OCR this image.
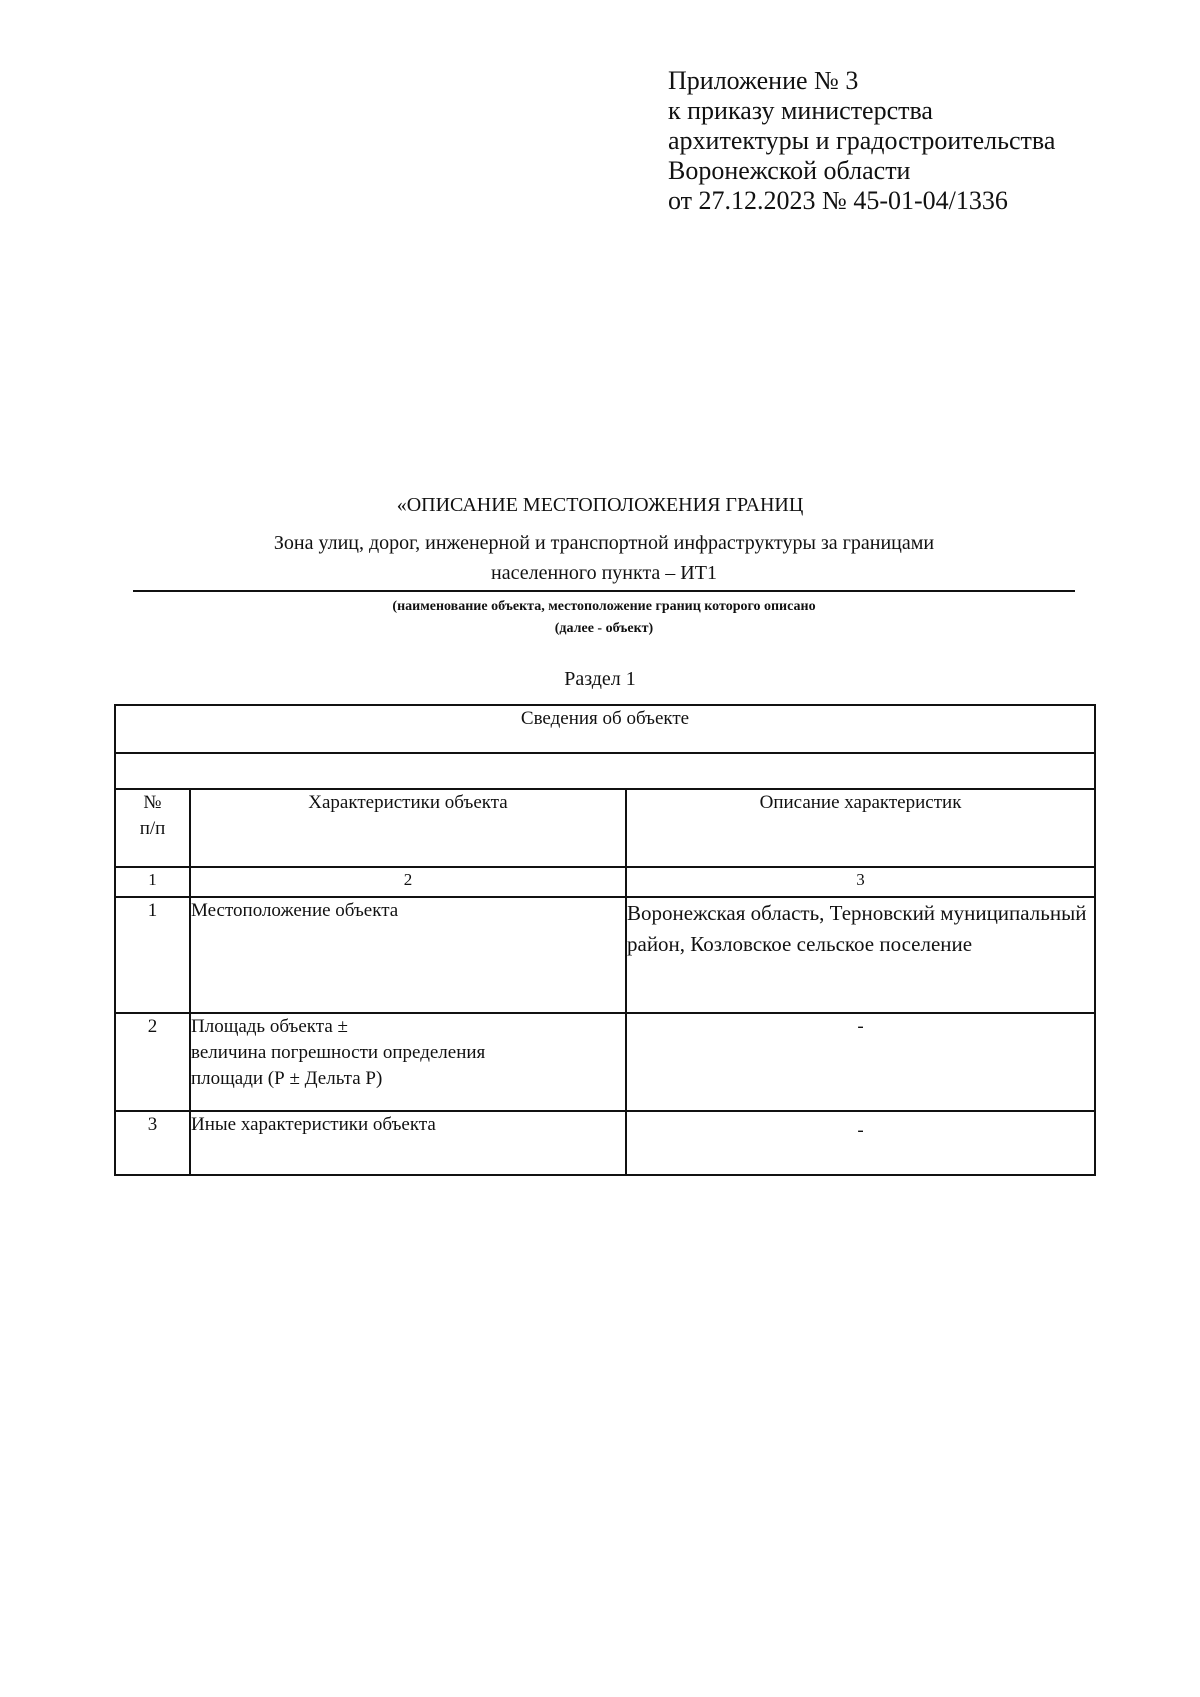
Приложение № 3
к приказу министерства
архитектуры и градостроительства
Воронежской области
от 27.12.2023 № 45-01-04/1336
«ОПИСАНИЕ МЕСТОПОЛОЖЕНИЯ ГРАНИЦ
Зона улиц, дорог, инженерной и транспортной инфраструктуры за границами
населенного пункта – ИТ1
(наименование объекта, местоположение границ которого описано
(далее - объект)
Раздел 1
Сведения об объекте		

№
п/п	Характеристики объекта	Описание характеристик
1	2	3
1	Местоположение объекта	Воронежская область, Терновский муниципальный район, Козловское сельское поселение
2	Площадь объекта ±
величина погрешности определения
площади (Р ± Дельта Р)	-
3	Иные характеристики объекта	-
